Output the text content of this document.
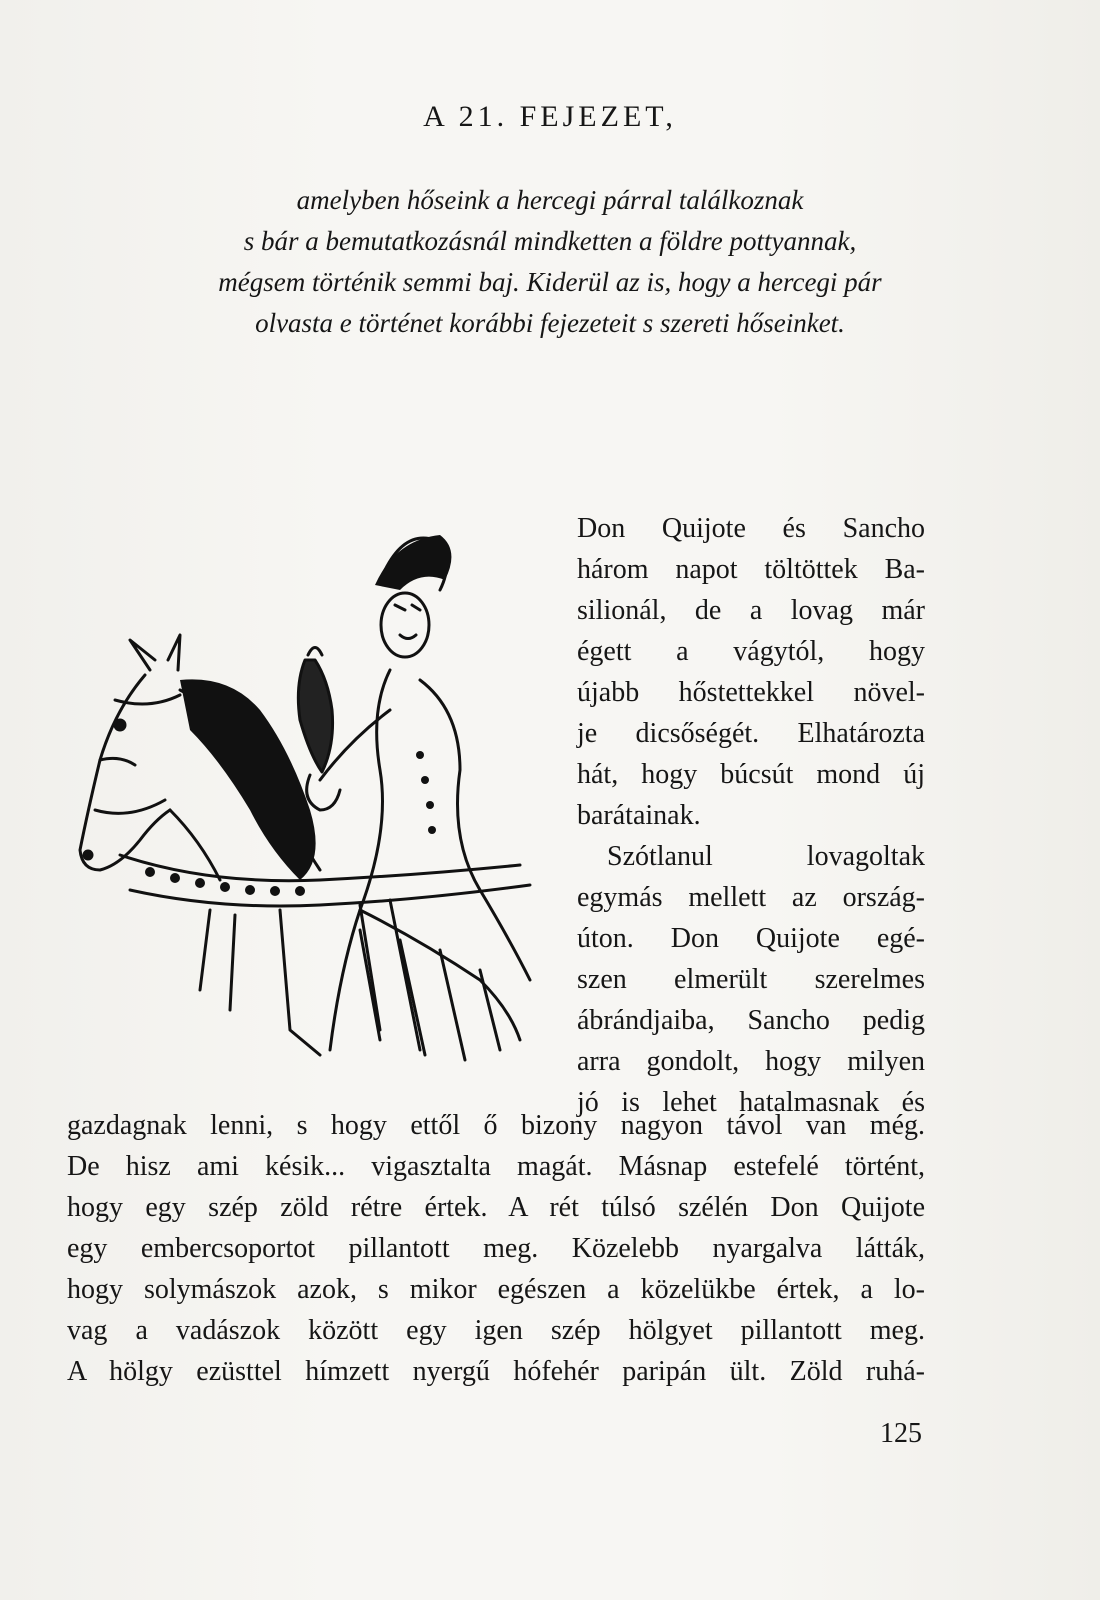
A 21. FEJEZET,
amelyben hőseink a hercegi párral találkoznak
s bár a bemutatkozásnál mindketten a földre pottyannak,
mégsem történik semmi baj. Kiderül az is, hogy a hercegi pár
olvasta e történet korábbi fejezeteit s szereti hőseinket.
Don Quijote és Sancho
három napot töltöttek Ba-
silionál, de a lovag már
égett a vágytól, hogy
újabb hőstettekkel növel-
je dicsőségét. Elhatározta
hát, hogy búcsút mond új
barátainak.
Szótlanul lovagoltak
egymás mellett az ország-
úton. Don Quijote egé-
szen elmerült szerelmes
ábrándjaiba, Sancho pedig
arra gondolt, hogy milyen
jó is lehet hatalmasnak és
gazdagnak lenni, s hogy ettől ő bizony nagyon távol van még.
De hisz ami késik... vigasztalta magát. Másnap estefelé történt,
hogy egy szép zöld rétre értek. A rét túlsó szélén Don Quijote
egy embercsoportot pillantott meg. Közelebb nyargalva látták,
hogy solymászok azok, s mikor egészen a közelükbe értek, a lo-
vag a vadászok között egy igen szép hölgyet pillantott meg.
A hölgy ezüsttel hímzett nyergű hófehér paripán ült. Zöld ruhá-
125
